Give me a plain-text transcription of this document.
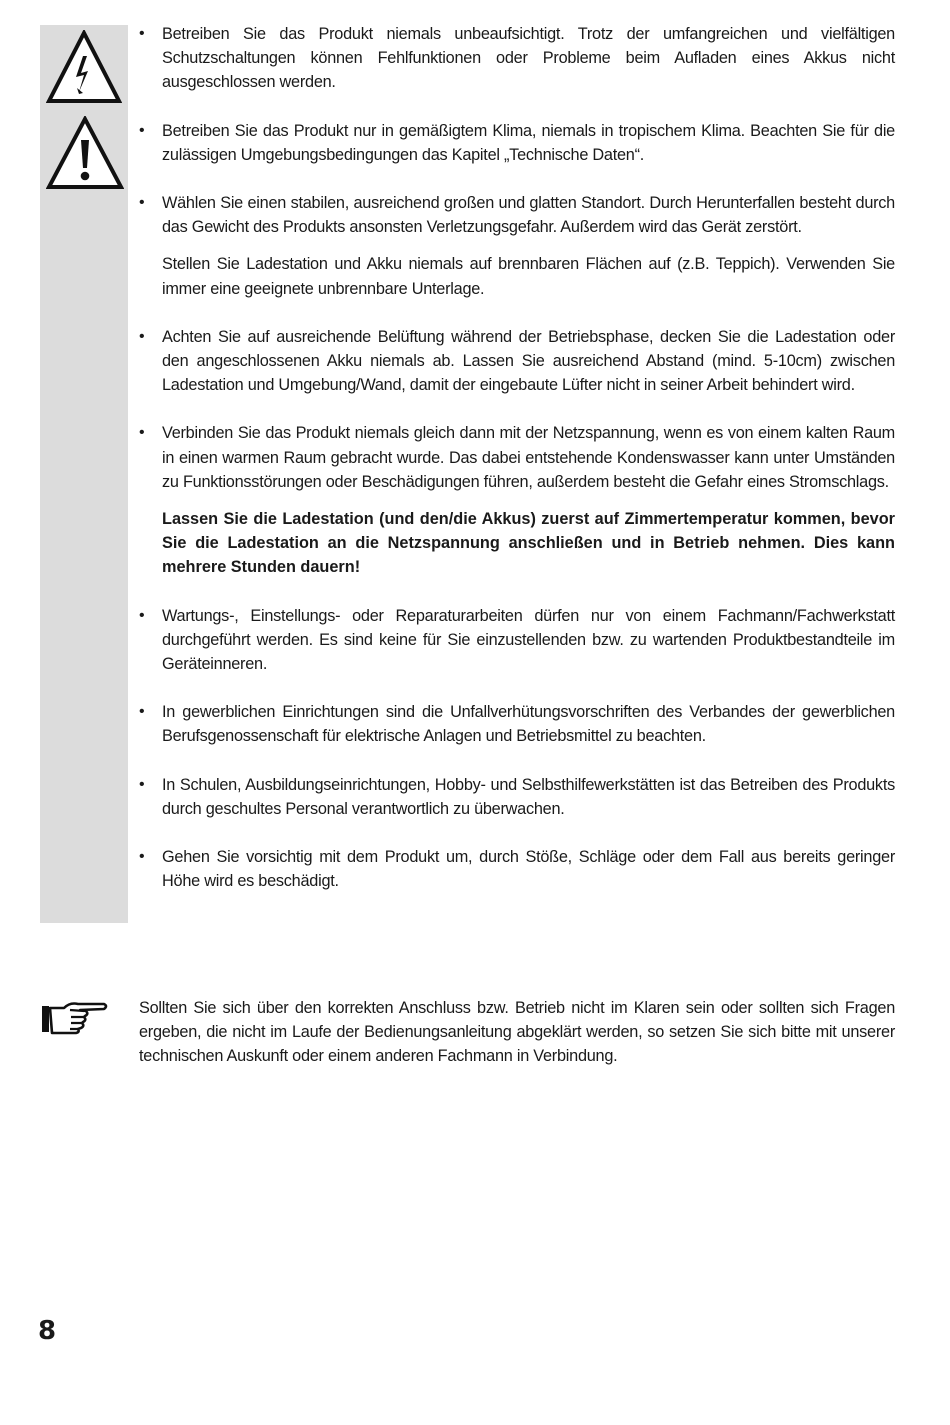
• Betreiben Sie das Produkt niemals unbeaufsichtigt. Trotz der umfangreichen und vielfältigen Schutzschaltungen können Fehlfunktionen oder Probleme beim Aufladen eines Akkus nicht ausgeschlossen werden.

• Betreiben Sie das Produkt nur in gemäßigtem Klima, niemals in tropischem Klima. Beachten Sie für die zulässigen Umgebungsbedingungen das Kapitel „Technische Daten“.

• Wählen Sie einen stabilen, ausreichend großen und glatten Standort. Durch Herunterfallen besteht durch das Gewicht des Produkts ansonsten Verletzungsgefahr. Außerdem wird das Gerät zerstört.

Stellen Sie Ladestation und Akku niemals auf brennbaren Flächen auf (z.B. Teppich). Verwenden Sie immer eine geeignete unbrennbare Unterlage.

• Achten Sie auf ausreichende Belüftung während der Betriebsphase, decken Sie die Ladestation oder den angeschlossenen Akku niemals ab. Lassen Sie ausreichend Abstand (mind. 5-10cm) zwischen Ladestation und Umgebung/Wand, damit der eingebaute Lüfter nicht in seiner Arbeit behindert wird.

• Verbinden Sie das Produkt niemals gleich dann mit der Netzspannung, wenn es von einem kalten Raum in einen warmen Raum gebracht wurde. Das dabei entstehende Kondenswasser kann unter Umständen zu Funktionsstörungen oder Beschädigungen führen, außerdem besteht die Gefahr eines Stromschlags.

Lassen Sie die Ladestation (und den/die Akkus) zuerst auf Zimmertemperatur kommen, bevor Sie die Ladestation an die Netzspannung anschließen und in Betrieb nehmen. Dies kann mehrere Stunden dauern!

• Wartungs-, Einstellungs- oder Reparaturarbeiten dürfen nur von einem Fachmann/Fachwerkstatt durchgeführt werden. Es sind keine für Sie einzustellenden bzw. zu wartenden Produktbestandteile im Geräteinneren.

• In gewerblichen Einrichtungen sind die Unfallverhütungsvorschriften des Verbandes der gewerblichen Berufsgenossenschaft für elektrische Anlagen und Betriebsmittel zu beachten.

• In Schulen, Ausbildungseinrichtungen, Hobby- und Selbsthilfewerkstätten ist das Betreiben des Produkts durch geschultes Personal verantwortlich zu überwachen.

• Gehen Sie vorsichtig mit dem Produkt um, durch Stöße, Schläge oder dem Fall aus bereits geringer Höhe wird es beschädigt.

Sollten Sie sich über den korrekten Anschluss bzw. Betrieb nicht im Klaren sein oder sollten sich Fragen ergeben, die nicht im Laufe der Bedienungsanleitung abgeklärt werden, so setzen Sie sich bitte mit unserer technischen Auskunft oder einem anderen Fachmann in Verbindung.

8
